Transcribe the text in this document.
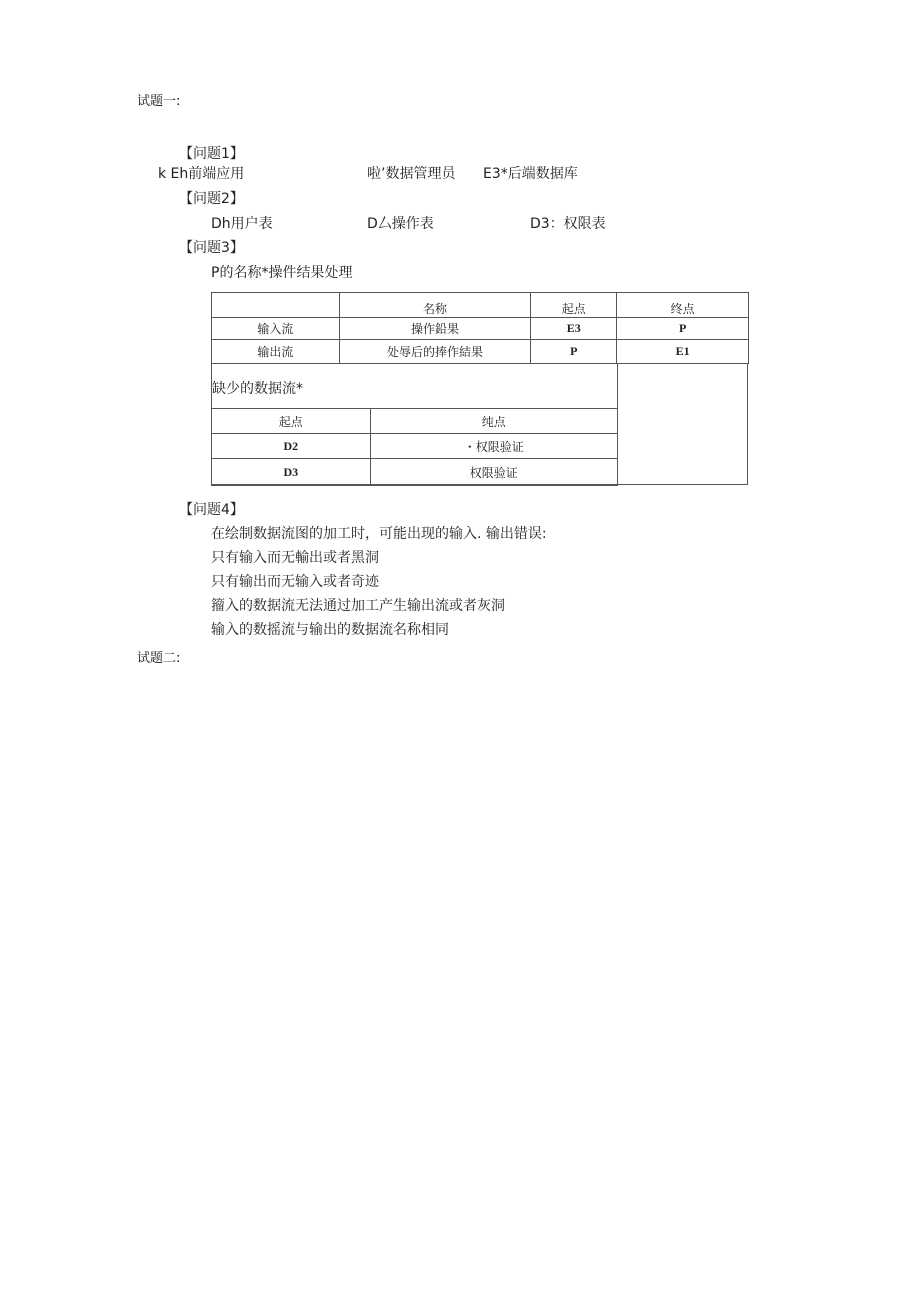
试题一:
【问题1】
k Eh前端应用	啦’数据管理员 E3*后端数据库
【问题2】
Dh用户表	D厶操作表	D3：权限表
【问题3】
P的名称*操件结果处理
	名称	起点	终点
输入流	操作鉛果	E3	P
输出流	处辱后的捧作結果	P	E1
缺少的数据流*
起点	纯点
D2	・权限验证
D3	权限验证
【问题4】
在绘制数据流图的加工时，可能出现的输入. 输出错误:
只有输入而无輸出或者黑洞
只有输出而无输入或者奇迹
籀入的数据流无法通过加工产生输出流或者灰洞
输入的数摇流与输出的数据流名称相同
试题二:
